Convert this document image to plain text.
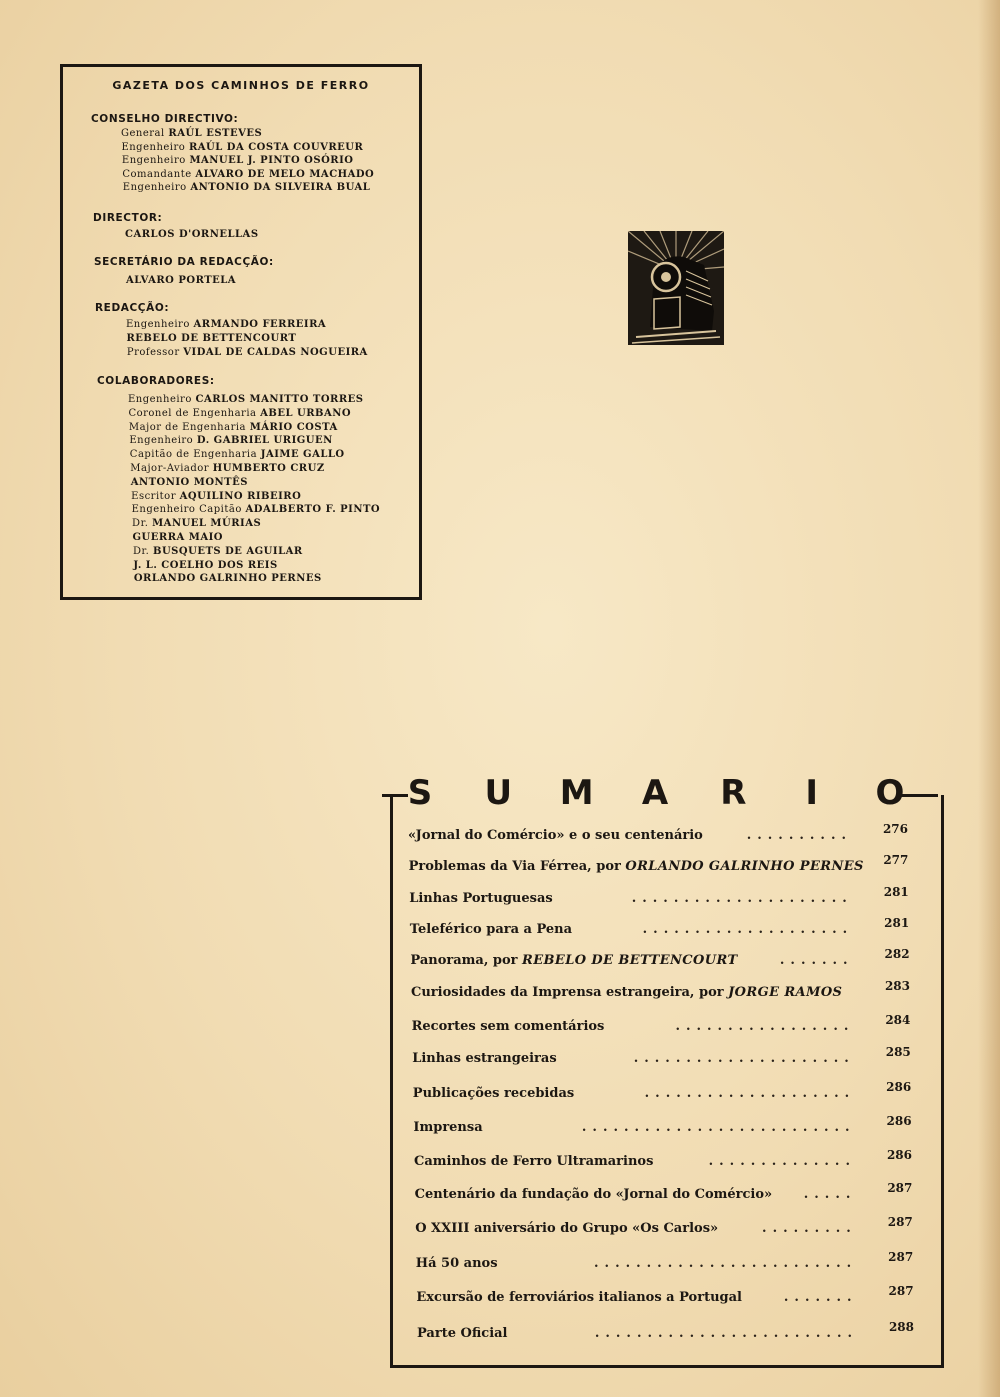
GAZETA DOS CAMINHOS DE FERRO
CONSELHO DIRECTIVO:
General RAÚL ESTEVES
Engenheiro RAÚL DA COSTA COUVREUR
Engenheiro MANUEL J. PINTO OSÓRIO
Comandante ALVARO DE MELO MACHADO
Engenheiro ANTONIO DA SILVEIRA BUAL
DIRECTOR:
CARLOS D'ORNELLAS
SECRETÁRIO DA REDACÇÃO:
ALVARO PORTELA
REDACÇÃO:
Engenheiro ARMANDO FERREIRA
REBELO DE BETTENCOURT
Professor VIDAL DE CALDAS NOGUEIRA
COLABORADORES:
Engenheiro CARLOS MANITTO TORRES
Coronel de Engenharia ABEL URBANO
Major de Engenharia MÁRIO COSTA
Engenheiro D. GABRIEL URIGUEN
Capitão de Engenharia JAIME GALLO
Major-Aviador HUMBERTO CRUZ
ANTONIO MONTÊS
Escritor AQUILINO RIBEIRO
Engenheiro Capitão ADALBERTO F. PINTO
Dr. MANUEL MÚRIAS
GUERRA MAIO
Dr. BUSQUETS DE AGUILAR
J. L. COELHO DOS REIS
ORLANDO GALRINHO PERNES
S U M A R	I	O
«Jornal do Comércio» e o seu centenário	..........	276
Problemas da Via Férrea, por ORLANDO GALRINHO PERNES 277
Linhas Portuguesas	.....................	281
Teleférico para a Pena	....................	281
Panorama, por REBELO DE BETTENCOURT	.......	282
Curiosidades da Imprensa estrangeira, por JORGE RAMOS	283
Recortes sem comentários	.................	284
Linhas estrangeiras	.....................	285
Publicações recebidas	....................	286
Imprensa	..........................	286
Caminhos de Ferro Ultramarinos	..............	286
Centenário da fundação do «Jornal do Comércio»	.....	287
O XXIII aniversário do Grupo «Os Carlos»	.........	287
Há 50 anos	.........................	287
Excursão de ferroviários italianos a Portugal	.......	287
Parte Oficial	.........................	288
